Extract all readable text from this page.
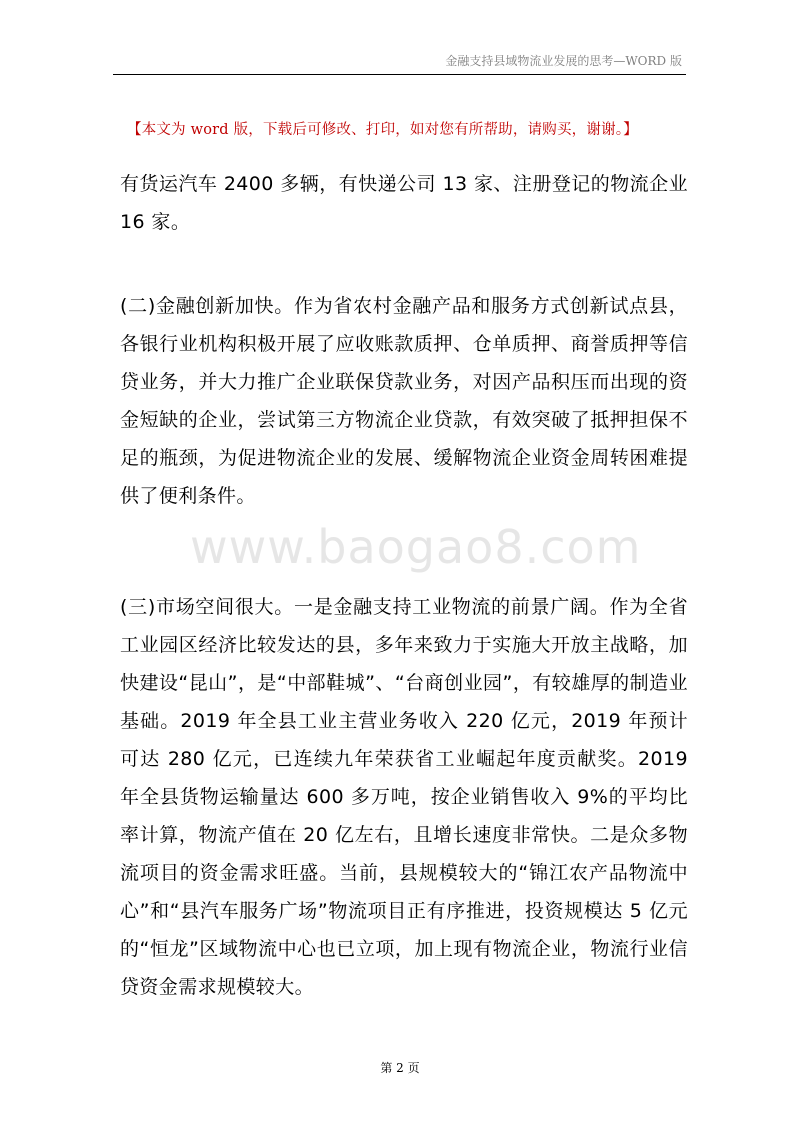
金融支持县域物流业发展的思考—WORD 版
【本文为 word 版，下载后可修改、打印，如对您有所帮助，请购买，谢谢。】
有货运汽车 2400 多辆，有快递公司 13 家、注册登记的物流企业 16 家。
(二)金融创新加快。作为省农村金融产品和服务方式创新试点县，各银行业机构积极开展了应收账款质押、仓单质押、商誉质押等信贷业务，并大力推广企业联保贷款业务，对因产品积压而出现的资金短缺的企业，尝试第三方物流企业贷款，有效突破了抵押担保不足的瓶颈，为促进物流企业的发展、缓解物流企业资金周转困难提供了便利条件。
www.baogao8.com
(三)市场空间很大。一是金融支持工业物流的前景广阔。作为全省工业园区经济比较发达的县，多年来致力于实施大开放主战略，加快建设“昆山”，是“中部鞋城”、“台商创业园”，有较雄厚的制造业基础。2019 年全县工业主营业务收入 220 亿元，2019 年预计可达 280 亿元，已连续九年荣获省工业崛起年度贡献奖。2019 年全县货物运输量达 600 多万吨，按企业销售收入 9%的平均比率计算，物流产值在 20 亿左右，且增长速度非常快。二是众多物流项目的资金需求旺盛。当前，县规模较大的“锦江农产品物流中心”和“县汽车服务广场”物流项目正有序推进，投资规模达 5 亿元的“恒龙”区域物流中心也已立项，加上现有物流企业，物流行业信贷资金需求规模较大。
第 2 页
